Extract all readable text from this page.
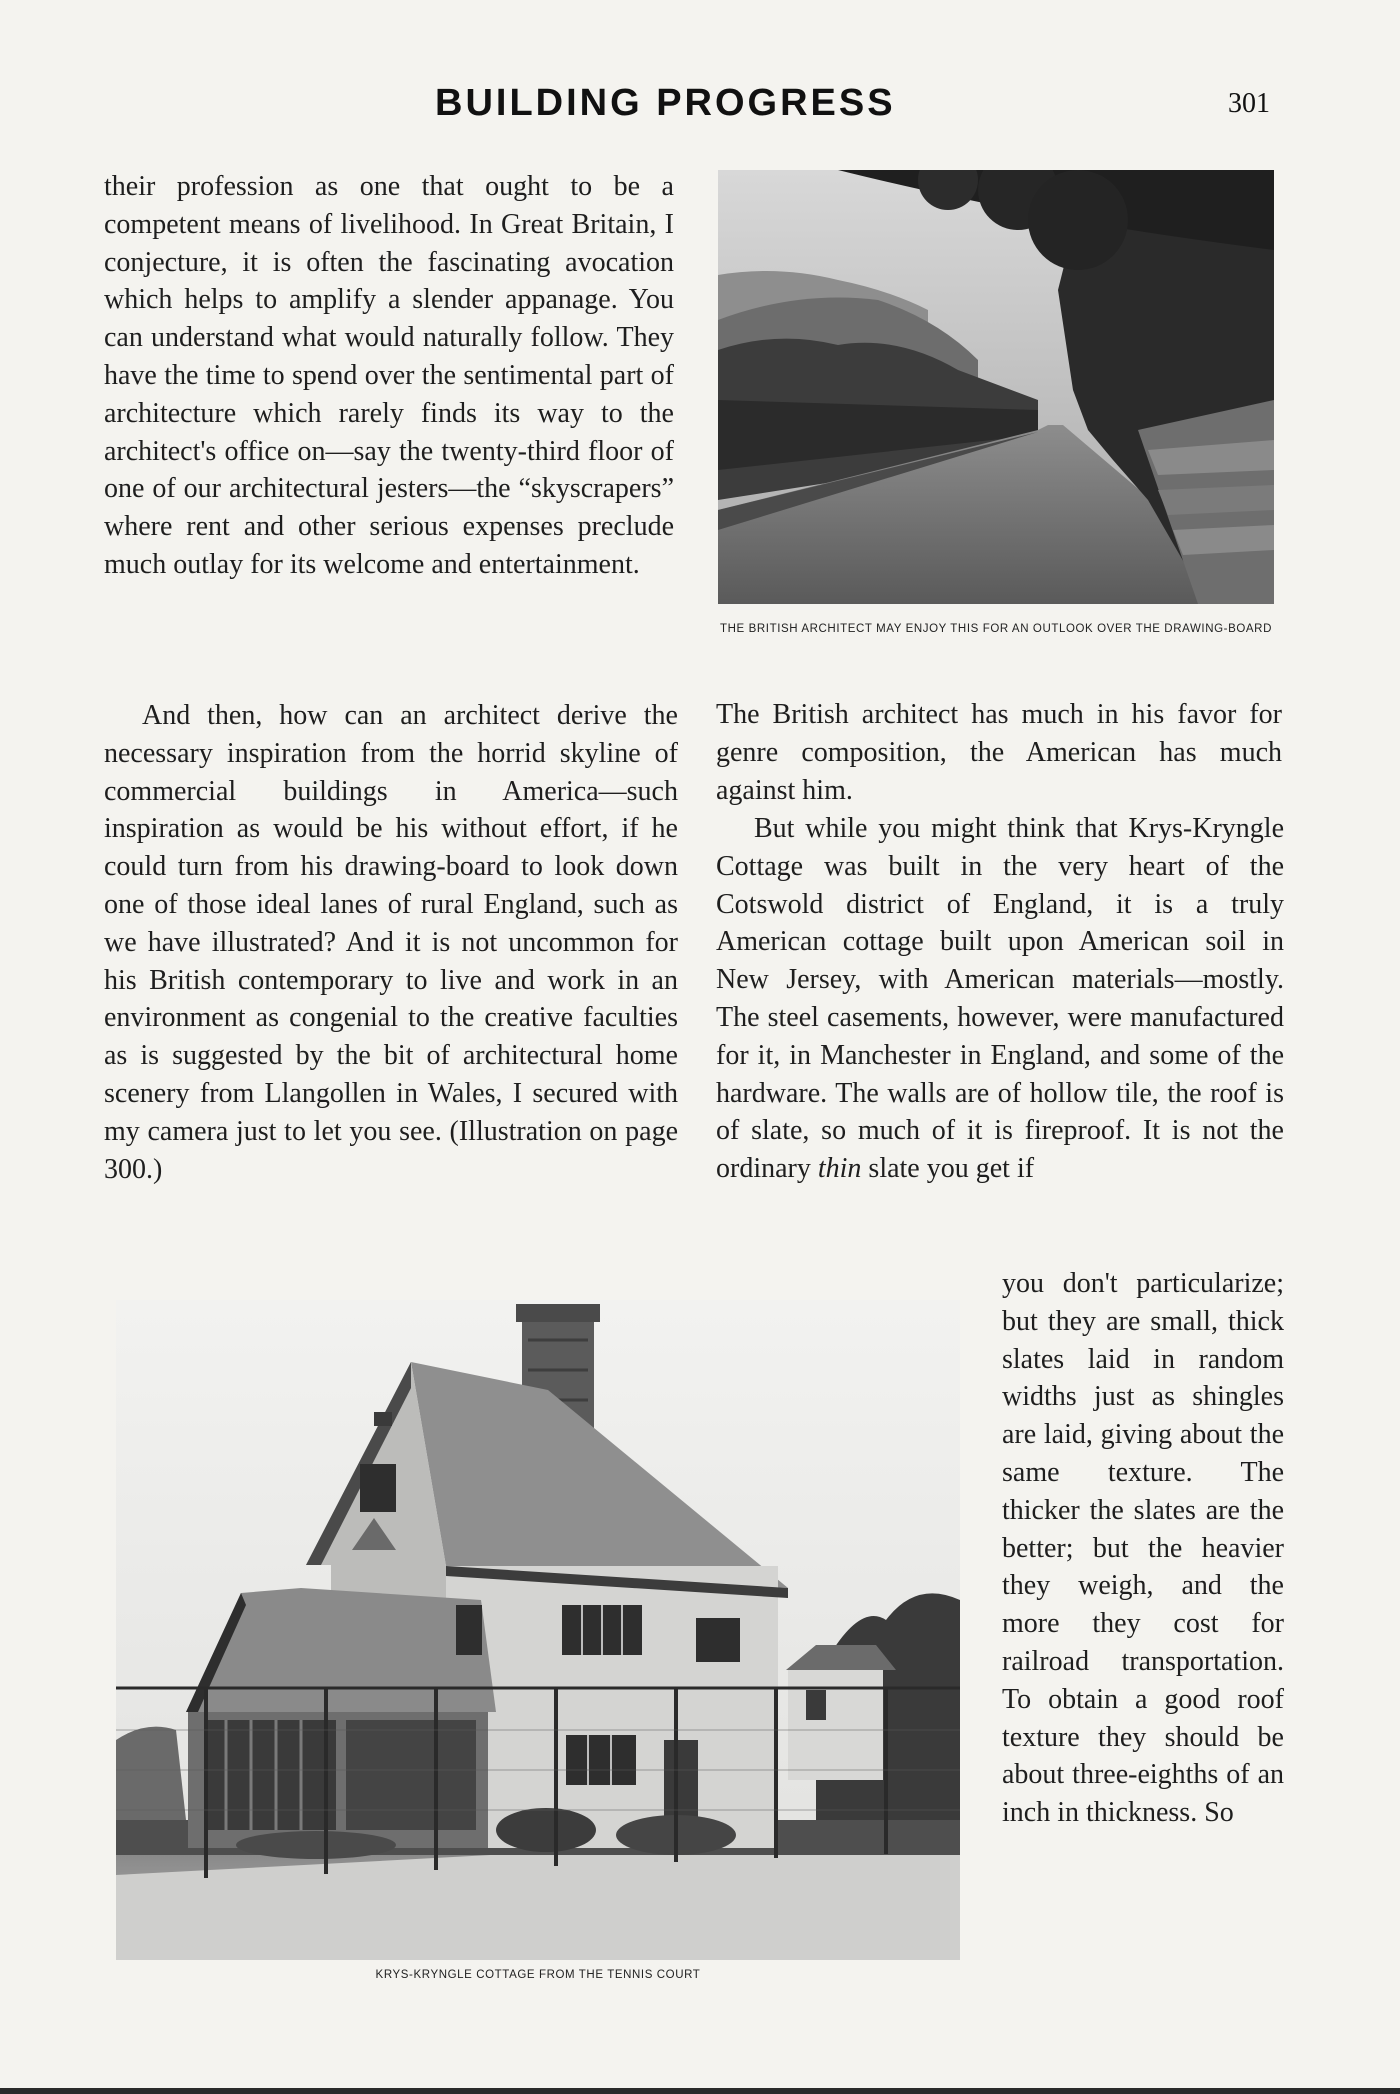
BUILDING PROGRESS	301

their profession as one that ought to be a competent means of livelihood. In Great Britain, I conjecture, it is often the fascinating avocation which helps to amplify a slender appanage. You can understand what would naturally follow. They have the time to spend over the sentimental part of architecture which rarely finds its way to the architect's office on—say the twenty-third floor of one of our architectural jesters—the “skyscrapers” where rent and other serious expenses preclude much outlay for its welcome and entertainment.

And then, how can an architect derive the necessary inspiration from the horrid skyline of commercial buildings in America—such inspiration as would be his without effort, if he could turn from his drawing-board to look down one of those ideal lanes of rural England, such as we have illustrated? And it is not uncommon for his British contemporary to live and work in an environment as congenial to the creative faculties as is suggested by the bit of architectural home scenery from Llangollen in Wales, I secured with my camera just to let you see. (Illustration on page 300.)

THE BRITISH ARCHITECT MAY ENJOY THIS FOR AN OUTLOOK OVER THE DRAWING-BOARD

The British architect has much in his favor for genre composition, the American has much against him.

But while you might think that Krys-Kryngle Cottage was built in the very heart of the Cotswold district of England, it is a truly American cottage built upon American soil in New Jersey, with American materials—mostly. The steel casements, however, were manufactured for it, in Manchester in England, and some of the hardware. The walls are of hollow tile, the roof is of slate, so much of it is fireproof. It is not the ordinary thin slate you get if

you don't particularize; but they are small, thick slates laid in random widths just as shingles are laid, giving about the same texture. The thicker the slates are the better; but the heavier they weigh, and the more they cost for railroad transportation. To obtain a good roof texture they should be about three-eighths of an inch in thickness. So

KRYS-KRYNGLE COTTAGE FROM THE TENNIS COURT
